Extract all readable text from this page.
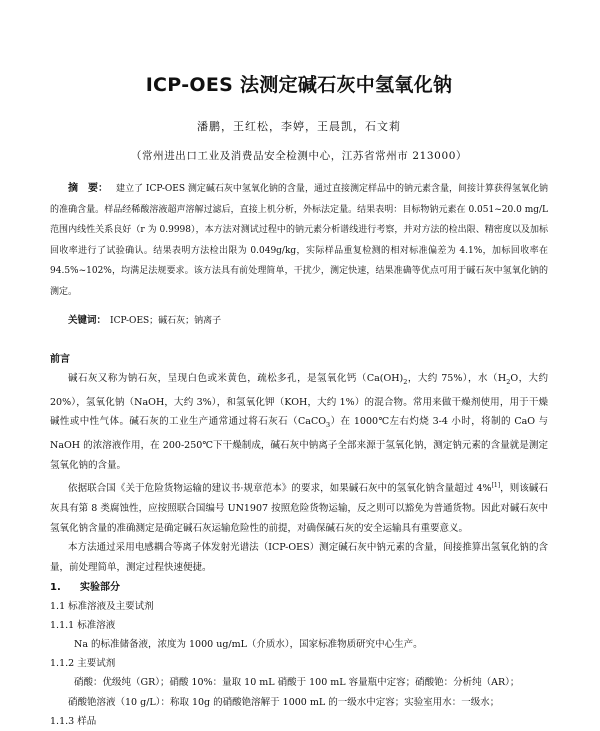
ICP-OES 法测定碱石灰中氢氧化钠
潘鹏，王红松，李婷，王晨凯，石文莉
（常州进出口工业及消费品安全检测中心，江苏省常州市 213000）

摘　要： 建立了 ICP-OES 测定碱石灰中氢氧化钠的含量，通过直接测定样品中的钠元素含量，间接计算获得氢氧化钠的准确含量。样品经稀酸溶液超声溶解过滤后，直接上机分析，外标法定量。结果表明：目标物钠元素在 0.051~20.0 mg/L 范围内线性关系良好（r 为 0.9998），本方法对测试过程中的钠元素分析谱线进行考察，并对方法的检出限、精密度以及加标回收率进行了试验确认。结果表明方法检出限为 0.049g/kg，实际样品重复检测的相对标准偏差为 4.1%，加标回收率在 94.5%~102%，均满足法规要求。该方法具有前处理简单，干扰少，测定快速，结果准确等优点可用于碱石灰中氢氧化钠的测定。

关键词： ICP-OES；碱石灰；钠离子
前言

碱石灰又称为钠石灰，呈现白色或米黄色，疏松多孔，是氢氧化钙（$Ca(OH)_2$，大约 75%），水（$H_2O$，大约 20%），氢氧化钠（NaOH，大约 3%），和氢氧化钾（KOH，大约 1%）的混合物。常用来做干燥剂使用，用于干燥碱性或中性气体。碱石灰的工业生产通常通过将石灰石（CaCO$_3$）在 1000℃左右灼烧 3-4 小时，将制的 CaO 与 NaOH 的浓溶液作用，在 200-250℃下干燥制成，碱石灰中钠离子全部来源于氢氧化钠，测定钠元素的含量就是测定氢氧化钠的含量。

依据联合国《关于危险货物运输的建议书·规章范本》的要求，如果碱石灰中的氢氧化钠含量超过 4%[1]，则该碱石灰具有第 8 类腐蚀性，应按照联合国编号 UN1907 按照危险货物运输，反之则可以豁免为普通货物。因此对碱石灰中氢氧化钠含量的准确测定是确定碱石灰运输危险性的前提，对确保碱石灰的安全运输具有重要意义。

本方法通过采用电感耦合等离子体发射光谱法（ICP-OES）测定碱石灰中钠元素的含量，间接推算出氢氧化钠的含量，前处理简单，测定过程快速便捷。

1. 实验部分

1.1 标准溶液及主要试剂

1.1.1 标准溶液

Na 的标准储备液，浓度为 1000 ug/mL（介质水），国家标准物质研究中心生产。

1.1.2 主要试剂

硝酸：优级纯（GR）；硝酸 10%：量取 10 mL 硝酸于 100 mL 容量瓶中定容；硝酸铯：分析纯（AR）；

硝酸铯溶液（10 g/L）：称取 10g 的硝酸铯溶解于 1000 mL 的一级水中定容；实验室用水：一级水；

1.1.3 样品
